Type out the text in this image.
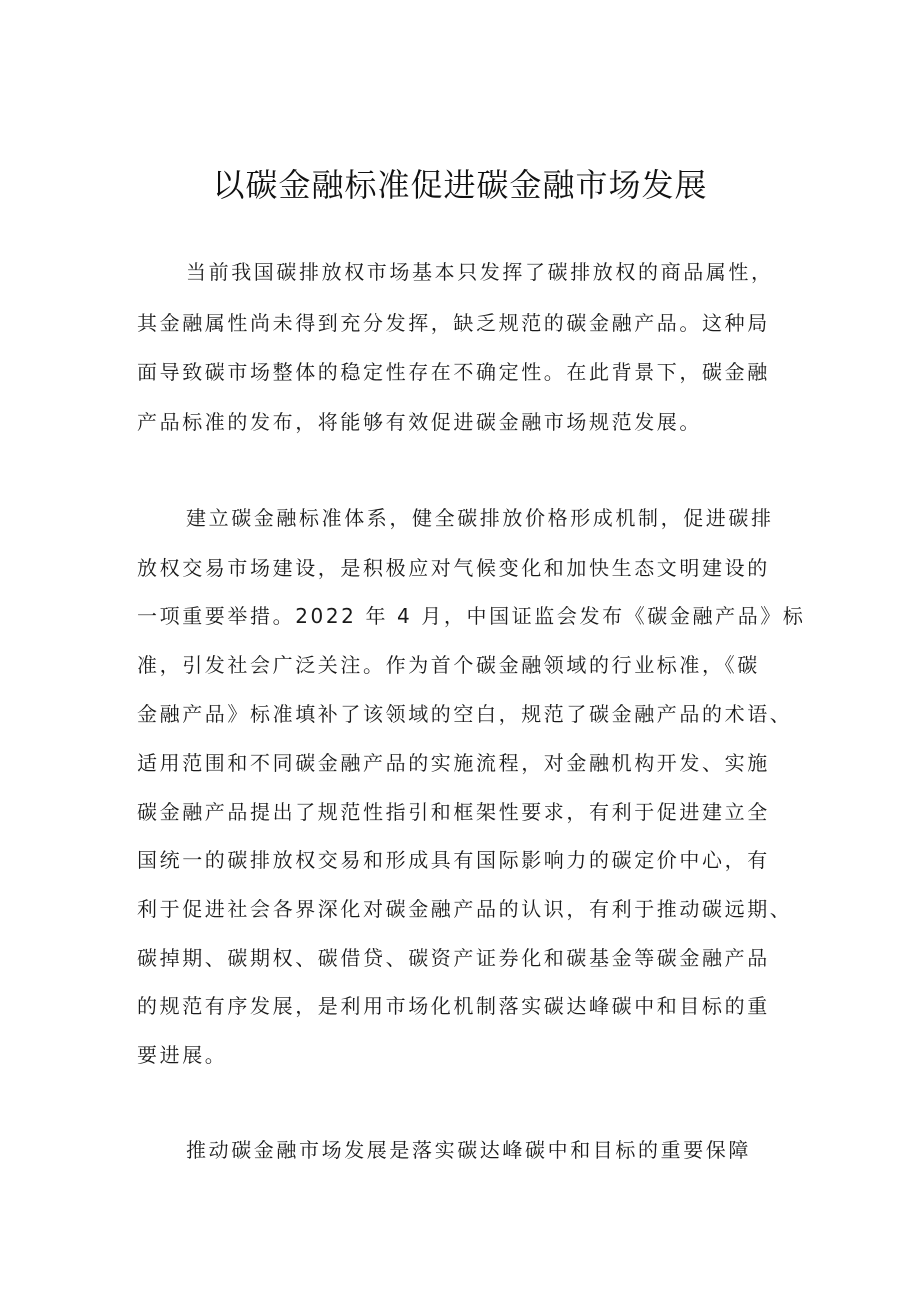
以碳金融标准促进碳金融市场发展
当前我国碳排放权市场基本只发挥了碳排放权的商品属性，
其金融属性尚未得到充分发挥，缺乏规范的碳金融产品。这种局
面导致碳市场整体的稳定性存在不确定性。在此背景下，碳金融
产品标准的发布，将能够有效促进碳金融市场规范发展。
建立碳金融标准体系，健全碳排放价格形成机制，促进碳排
放权交易市场建设，是积极应对气候变化和加快生态文明建设的
一项重要举措。2022 年 4 月，中国证监会发布《碳金融产品》标
准，引发社会广泛关注。作为首个碳金融领域的行业标准，《碳
金融产品》标准填补了该领域的空白，规范了碳金融产品的术语、
适用范围和不同碳金融产品的实施流程，对金融机构开发、实施
碳金融产品提出了规范性指引和框架性要求，有利于促进建立全
国统一的碳排放权交易和形成具有国际影响力的碳定价中心，有
利于促进社会各界深化对碳金融产品的认识，有利于推动碳远期、
碳掉期、碳期权、碳借贷、碳资产证券化和碳基金等碳金融产品
的规范有序发展，是利用市场化机制落实碳达峰碳中和目标的重
要进展。
推动碳金融市场发展是落实碳达峰碳中和目标的重要保障
